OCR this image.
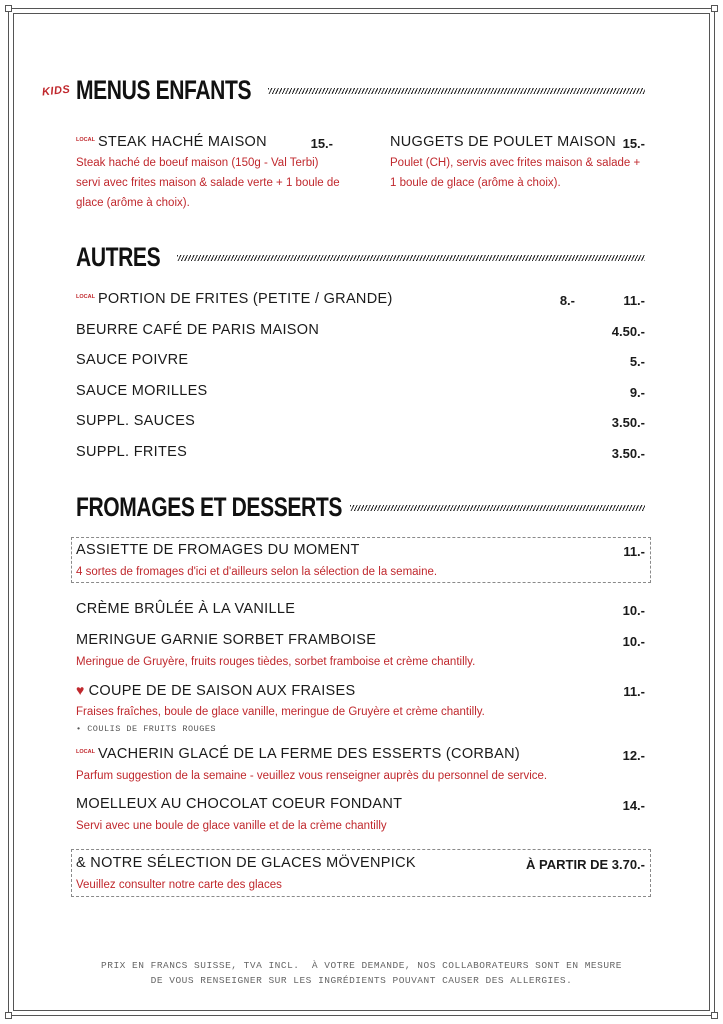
KIDS MENUS ENFANTS
LOCAL STEAK HACHÉ MAISON	15.-
Steak haché de boeuf maison (150g - Val Terbi) servi avec frites maison & salade verte + 1 boule de glace (arôme à choix).
NUGGETS DE POULET MAISON 15.-
Poulet (CH), servis avec frites maison & salade + 1 boule de glace (arôme à choix).
AUTRES
LOCAL PORTION DE FRITES (PETITE / GRANDE)	8.-	11.-
BEURRE CAFÉ DE PARIS MAISON	4.50.-
SAUCE POIVRE	5.-
SAUCE MORILLES	9.-
SUPPL. SAUCES	3.50.-
SUPPL. FRITES	3.50.-
FROMAGES ET DESSERTS
ASSIETTE DE FROMAGES DU MOMENT	11.-
4 sortes de fromages d'ici et d'ailleurs selon la sélection de la semaine.
CRÈME BRÛLÉE À LA VANILLE	10.-
MERINGUE GARNIE SORBET FRAMBOISE	10.-
Meringue de Gruyère, fruits rouges tièdes, sorbet framboise et crème chantilly.
♥ COUPE DE DE SAISON AUX FRAISES	11.-
Fraises fraîches, boule de glace vanille, meringue de Gruyère et crème chantilly.
• COULIS DE FRUITS ROUGES
LOCAL VACHERIN GLACÉ DE LA FERME DES ESSERTS (CORBAN)	12.-
Parfum suggestion de la semaine - veuillez vous renseigner auprès du personnel de service.
MOELLEUX AU CHOCOLAT COEUR FONDANT	14.-
Servi avec une boule de glace vanille et de la crème chantilly
& NOTRE SÉLECTION DE GLACES MÖVENPICK	À PARTIR DE 3.70.-
Veuillez consulter notre carte des glaces
PRIX EN FRANCS SUISSE, TVA INCL.  À VOTRE DEMANDE, NOS COLLABORATEURS SONT EN MESURE
DE VOUS RENSEIGNER SUR LES INGRÉDIENTS POUVANT CAUSER DES ALLERGIES.
